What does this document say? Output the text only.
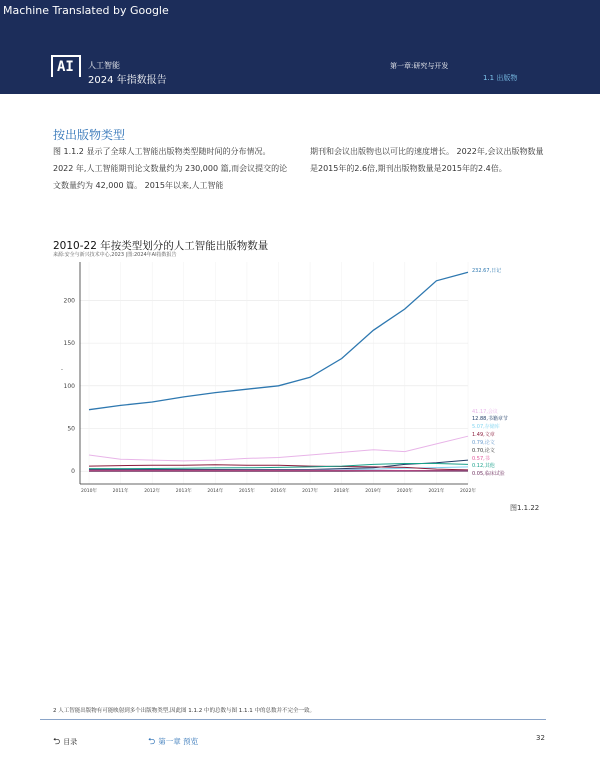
Machine Translated by Google
AI 人工智能
2024 年指数报告
第一章:研究与开发
1.1 出版物
按出版物类型
图 1.1.2 显示了全球人工智能出版物类型随时间的分布情况。 2022 年,人工智能期刊论文数量约为 230,000 篇,而会议提交的论文数量约为 42,000 篇。 2015年以来,人工智能
期刊和会议出版物也以可比的速度增长。 2022年,会议出版物数量是2015年的2.6倍,期刊出版物数量是2015年的2.4倍。
2010-22 年按类型划分的人工智能出版物数量
来源:安全与新兴技术中心,2023 |图:2024年AI指数报告
0
50
100
150
200
2010年	2011年	2012年	2013年	2014年	2015年	2016年	2017年	2018年	2019年	2020年	2021年	2022年
·
232.67,日记
41.17,会议
12.88,书籍章节
5.07,存储库
1.49,文章
0.79,论文
0.70,论文
0.57,书
0.12,其他
0.05,临床试验
图1.1.22
2 人工智能出版物有可能映射到多个出版物类型,因此图 1.1.2 中的总数与图 1.1.1 中的总数并不完全一致。
⮌ 目录	⮌ 第一章 预览	32
